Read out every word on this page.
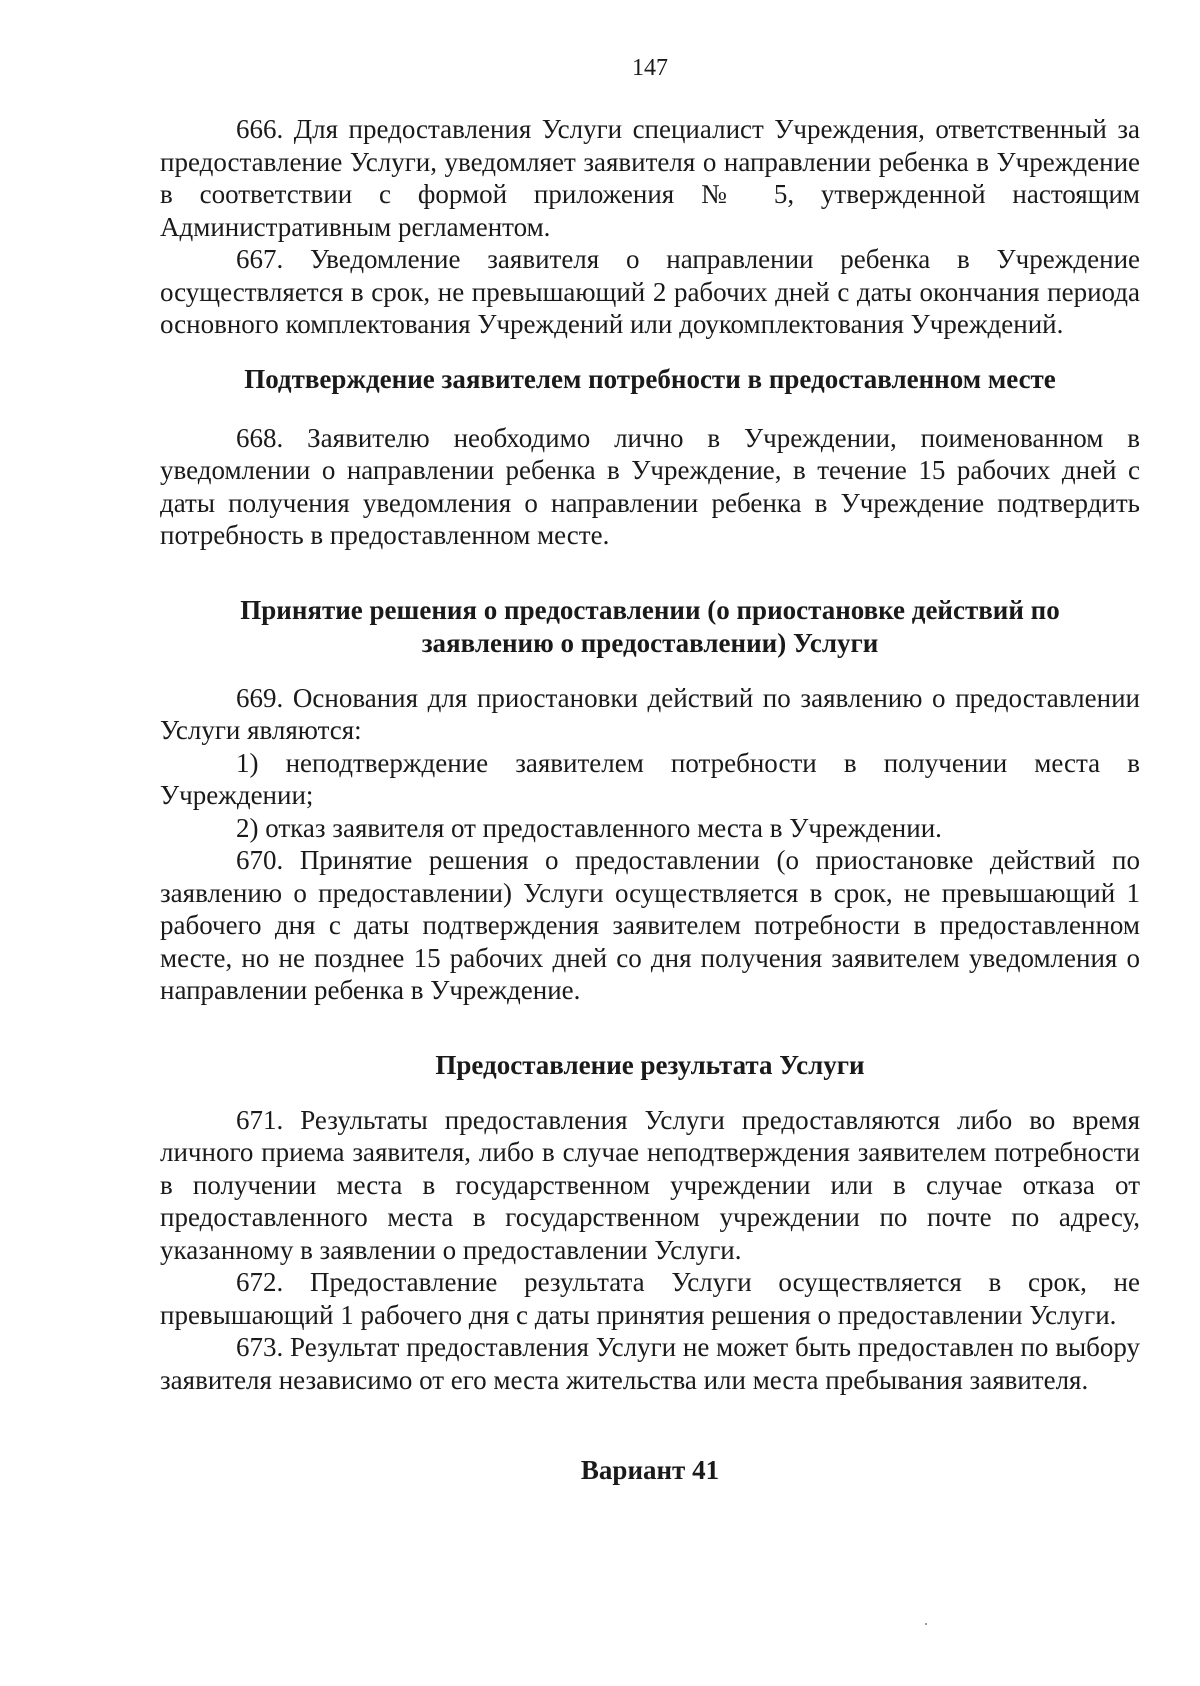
147

666. Для предоставления Услуги специалист Учреждения, ответственный за предоставление Услуги, уведомляет заявителя о направлении ребенка в Учреждение в соответствии с формой приложения № 5, утвержденной настоящим Административным регламентом.

667. Уведомление заявителя о направлении ребенка в Учреждение осуществляется в срок, не превышающий 2 рабочих дней с даты окончания периода основного комплектования Учреждений или доукомплектования Учреждений.

Подтверждение заявителем потребности в предоставленном месте

668. Заявителю необходимо лично в Учреждении, поименованном в уведомлении о направлении ребенка в Учреждение, в течение 15 рабочих дней с даты получения уведомления о направлении ребенка в Учреждение подтвердить потребность в предоставленном месте.

Принятие решения о предоставлении (о приостановке действий по
заявлению о предоставлении) Услуги

669. Основания для приостановки действий по заявлению о предоставлении Услуги являются:

1) неподтверждение заявителем потребности в получении места в Учреждении;

2) отказ заявителя от предоставленного места в Учреждении.

670. Принятие решения о предоставлении (о приостановке действий по заявлению о предоставлении) Услуги осуществляется в срок, не превышающий 1 рабочего дня с даты подтверждения заявителем потребности в предоставленном месте, но не позднее 15 рабочих дней со дня получения заявителем уведомления о направлении ребенка в Учреждение.

Предоставление результата Услуги

671. Результаты предоставления Услуги предоставляются либо во время личного приема заявителя, либо в случае неподтверждения заявителем потребности в получении места в государственном учреждении или в случае отказа от предоставленного места в государственном учреждении по почте по адресу, указанному в заявлении о предоставлении Услуги.

672. Предоставление результата Услуги осуществляется в срок, не превышающий 1 рабочего дня с даты принятия решения о предоставлении Услуги.

673. Результат предоставления Услуги не может быть предоставлен по выбору заявителя независимо от его места жительства или места пребывания заявителя.

Вариант 41
